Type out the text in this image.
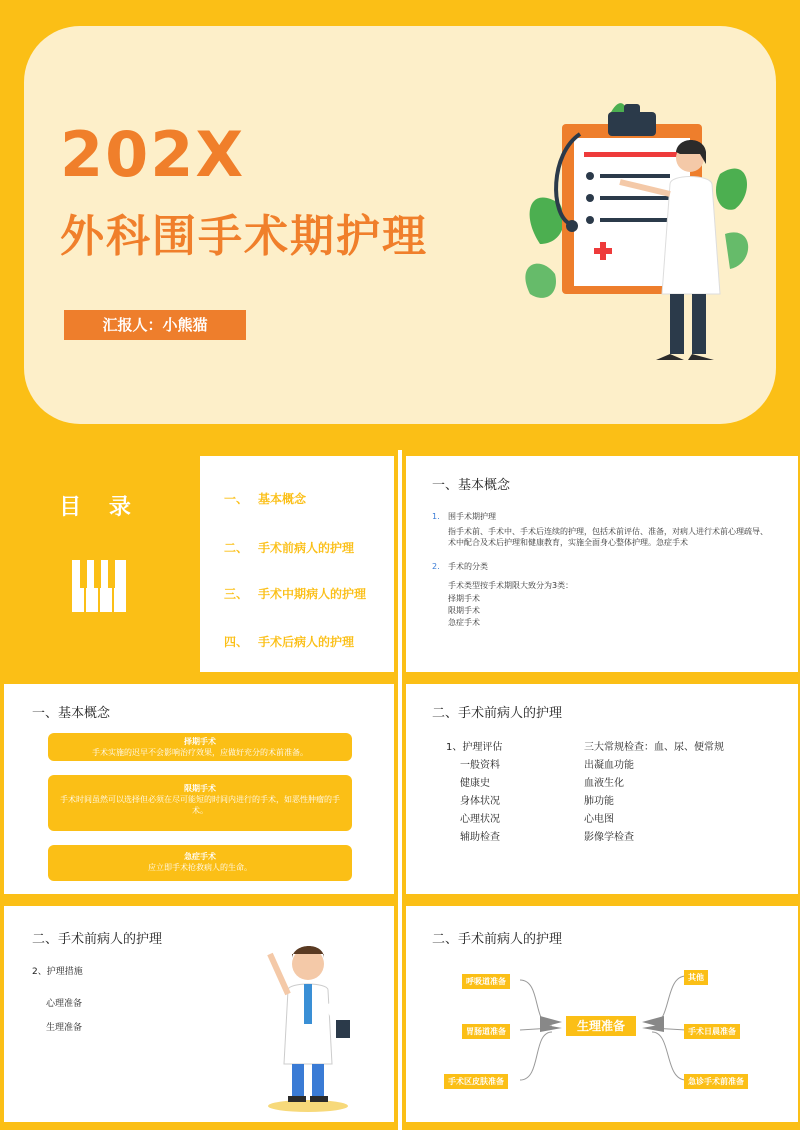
202X
外科围手术期护理
汇报人：小熊猫
目 录	一、 基本概念
二、 手术前病人的护理
三、 手术中期病人的护理
四、 手术后病人的护理
一、基本概念
1. 围手术期护理
指手术前、手术中、手术后连续的护理，包括术前评估、准备，对病人进行术前心理疏导、术中配合及术后护理和健康教育，实施全面身心整体护理。急症手术
2. 手术的分类
手术类型按手术期限大致分为3类：
择期手术
限期手术
急症手术
一、基本概念
择期手术
手术实施的迟早不会影响治疗效果，应做好充分的术前准备。
限期手术
手术时间虽然可以选择但必须在尽可能短的时间内进行的手术，如恶性肿瘤的手术。
急症手术
应立即手术抢救病人的生命。
二、手术前病人的护理
1、护理评估
一般资料
健康史
身体状况
心理状况
辅助检查
三大常规检查：血、尿、便常规
出凝血功能
血液生化
肺功能
心电图
影像学检查
二、手术前病人的护理
2、护理措施
心理准备
生理准备
二、手术前病人的护理
生理准备
呼吸道准备
胃肠道准备
手术区皮肤准备
其他
手术日晨准备
急诊手术前准备
